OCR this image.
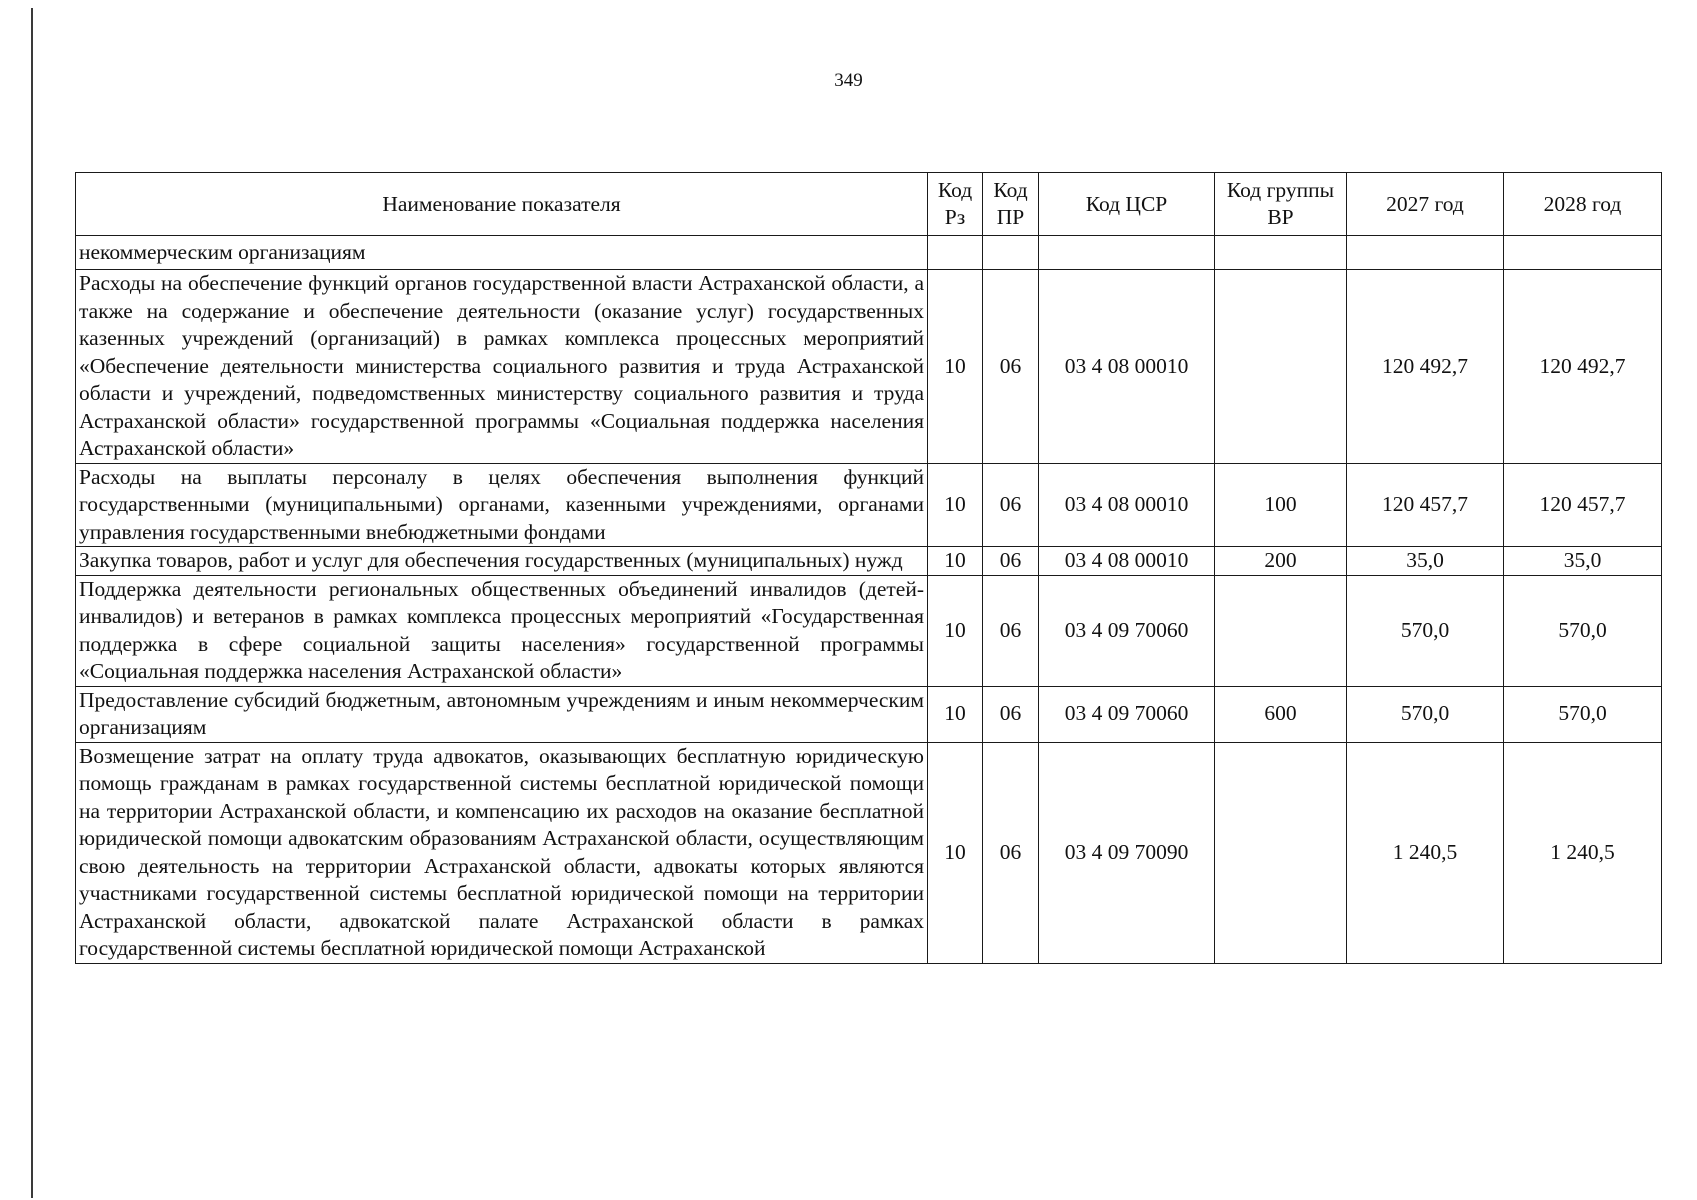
349
Наименование показателя	Код Рз	Код ПР	Код ЦСР	Код группы ВР	2027 год	2028 год
некоммерческим организациям						
Расходы на обеспечение функций органов государственной власти Астраханской области, а также на содержание и обеспечение деятельности (оказание услуг) государственных казенных учреждений (организаций) в рамках комплекса процессных мероприятий «Обеспечение деятельности министерства социального развития и труда Астраханской области и учреждений, подведомственных министерству социального развития и труда Астраханской области» государственной программы «Социальная поддержка населения Астраханской области»	10	06	03 4 08 00010		120 492,7	120 492,7
Расходы на выплаты персоналу в целях обеспечения выполнения функций государственными (муниципальными) органами, казенными учреждениями, органами управления государственными внебюджетными фондами	10	06	03 4 08 00010	100	120 457,7	120 457,7
Закупка товаров, работ и услуг для обеспечения государственных (муниципальных) нужд	10	06	03 4 08 00010	200	35,0	35,0
Поддержка деятельности региональных общественных объединений инвалидов (детей-инвалидов) и ветеранов в рамках комплекса процессных мероприятий «Государственная поддержка в сфере социальной защиты населения» государственной программы «Социальная поддержка населения Астраханской области»	10	06	03 4 09 70060		570,0	570,0
Предоставление субсидий бюджетным, автономным учреждениям и иным некоммерческим организациям	10	06	03 4 09 70060	600	570,0	570,0
Возмещение затрат на оплату труда адвокатов, оказывающих бесплатную юридическую помощь гражданам в рамках государственной системы бесплатной юридической помощи на территории Астраханской области, и компенсацию их расходов на оказание бесплатной юридической помощи адвокатским образованиям Астраханской области, осуществляющим свою деятельность на территории Астраханской области, адвокаты которых являются участниками государственной системы бесплатной юридической помощи на территории Астраханской области, адвокатской палате Астраханской области в рамках государственной системы бесплатной юридической помощи Астраханской	10	06	03 4 09 70090		1 240,5	1 240,5
